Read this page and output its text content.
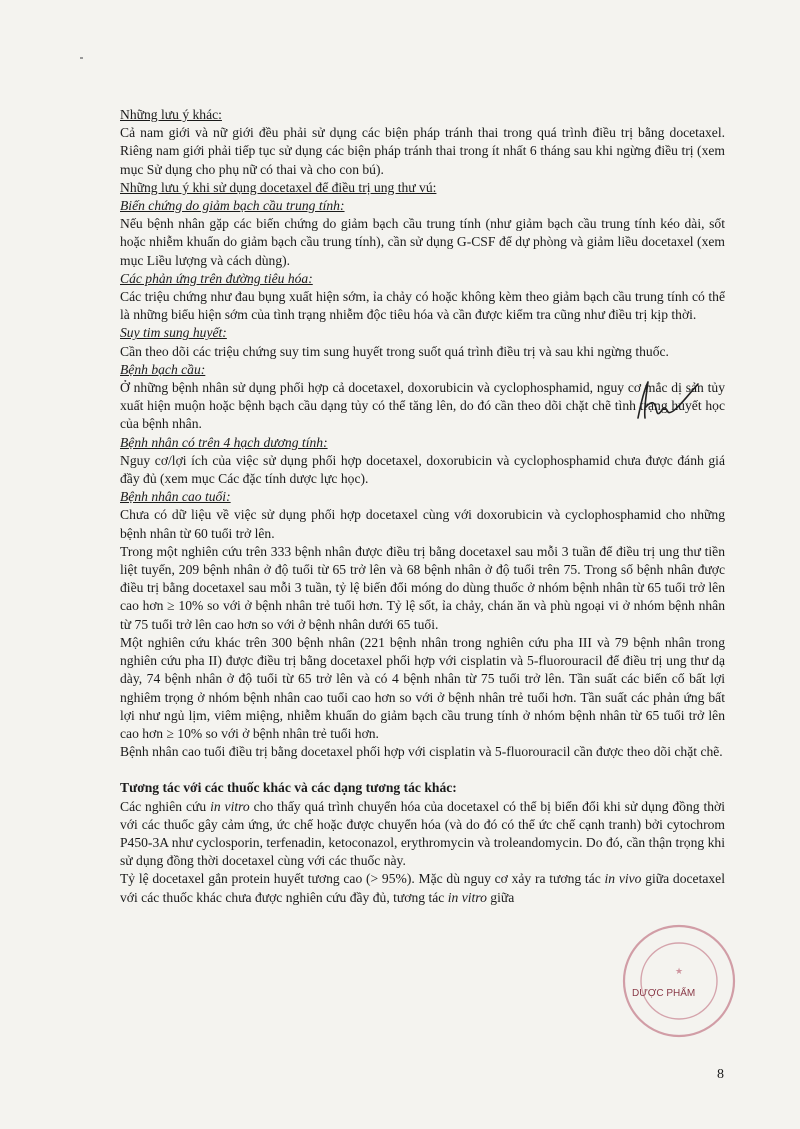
Những lưu ý khác:

Cả nam giới và nữ giới đều phải sử dụng các biện pháp tránh thai trong quá trình điều trị bằng docetaxel. Riêng nam giới phải tiếp tục sử dụng các biện pháp tránh thai trong ít nhất 6 tháng sau khi ngừng điều trị (xem mục Sử dụng cho phụ nữ có thai và cho con bú).

Những lưu ý khi sử dụng docetaxel để điều trị ung thư vú:

Biến chứng do giảm bạch cầu trung tính:

Nếu bệnh nhân gặp các biến chứng do giảm bạch cầu trung tính (như giảm bạch cầu trung tính kéo dài, sốt hoặc nhiễm khuẩn do giảm bạch cầu trung tính), cần sử dụng G-CSF để dự phòng và giảm liều docetaxel (xem mục Liều lượng và cách dùng).

Các phản ứng trên đường tiêu hóa:

Các triệu chứng như đau bụng xuất hiện sớm, ỉa chảy có hoặc không kèm theo giảm bạch cầu trung tính có thể là những biểu hiện sớm của tình trạng nhiễm độc tiêu hóa và cần được kiểm tra cũng như điều trị kịp thời.

Suy tim sung huyết:

Cần theo dõi các triệu chứng suy tim sung huyết trong suốt quá trình điều trị và sau khi ngừng thuốc.

Bệnh bạch cầu:

Ở những bệnh nhân sử dụng phối hợp cả docetaxel, doxorubicin và cyclophosphamid, nguy cơ mắc dị sản tủy xuất hiện muộn hoặc bệnh bạch cầu dạng tủy có thể tăng lên, do đó cần theo dõi chặt chẽ tình trạng huyết học của bệnh nhân.

Bệnh nhân có trên 4 hạch dương tính:

Nguy cơ/lợi ích của việc sử dụng phối hợp docetaxel, doxorubicin và cyclophosphamid chưa được đánh giá đầy đủ (xem mục Các đặc tính dược lực học).

Bệnh nhân cao tuổi:

Chưa có dữ liệu về việc sử dụng phối hợp docetaxel cùng với doxorubicin và cyclophosphamid cho những bệnh nhân từ 60 tuổi trở lên.

Trong một nghiên cứu trên 333 bệnh nhân được điều trị bằng docetaxel sau mỗi 3 tuần để điều trị ung thư tiền liệt tuyến, 209 bệnh nhân ở độ tuổi từ 65 trở lên và 68 bệnh nhân ở độ tuổi trên 75. Trong số bệnh nhân được điều trị bằng docetaxel sau mỗi 3 tuần, tỷ lệ biến đổi móng do dùng thuốc ở nhóm bệnh nhân từ 65 tuổi trở lên cao hơn ≥ 10% so với ở bệnh nhân trẻ tuổi hơn. Tỷ lệ sốt, ỉa chảy, chán ăn và phù ngoại vi ở nhóm bệnh nhân từ 75 tuổi trở lên cao hơn so với ở bệnh nhân dưới 65 tuổi.

Một nghiên cứu khác trên 300 bệnh nhân (221 bệnh nhân trong nghiên cứu pha III và 79 bệnh nhân trong nghiên cứu pha II) được điều trị bằng docetaxel phối hợp với cisplatin và 5-fluorouracil để điều trị ung thư dạ dày, 74 bệnh nhân ở độ tuổi từ 65 trở lên và có 4 bệnh nhân từ 75 tuổi trở lên. Tần suất các biến cố bất lợi nghiêm trọng ở nhóm bệnh nhân cao tuổi cao hơn so với ở bệnh nhân trẻ tuổi hơn. Tần suất các phản ứng bất lợi như ngủ lịm, viêm miệng, nhiễm khuẩn do giảm bạch cầu trung tính ở nhóm bệnh nhân từ 65 tuổi trở lên cao hơn ≥ 10% so với ở bệnh nhân trẻ tuổi hơn.

Bệnh nhân cao tuổi điều trị bằng docetaxel phối hợp với cisplatin và 5-fluorouracil cần được theo dõi chặt chẽ.

Tương tác với các thuốc khác và các dạng tương tác khác:

Các nghiên cứu in vitro cho thấy quá trình chuyển hóa của docetaxel có thể bị biến đổi khi sử dụng đồng thời với các thuốc gây cảm ứng, ức chế hoặc được chuyển hóa (và do đó có thể ức chế cạnh tranh) bởi cytochrom P450-3A như cyclosporin, terfenadin, ketoconazol, erythromycin và troleandomycin. Do đó, cần thận trọng khi sử dụng đồng thời docetaxel cùng với các thuốc này.

Tỷ lệ docetaxel gắn protein huyết tương cao (> 95%). Mặc dù nguy cơ xảy ra tương tác in vivo giữa docetaxel với các thuốc khác chưa được nghiên cứu đầy đủ, tương tác in vitro giữa

★
DƯỢC PHẨM
8
